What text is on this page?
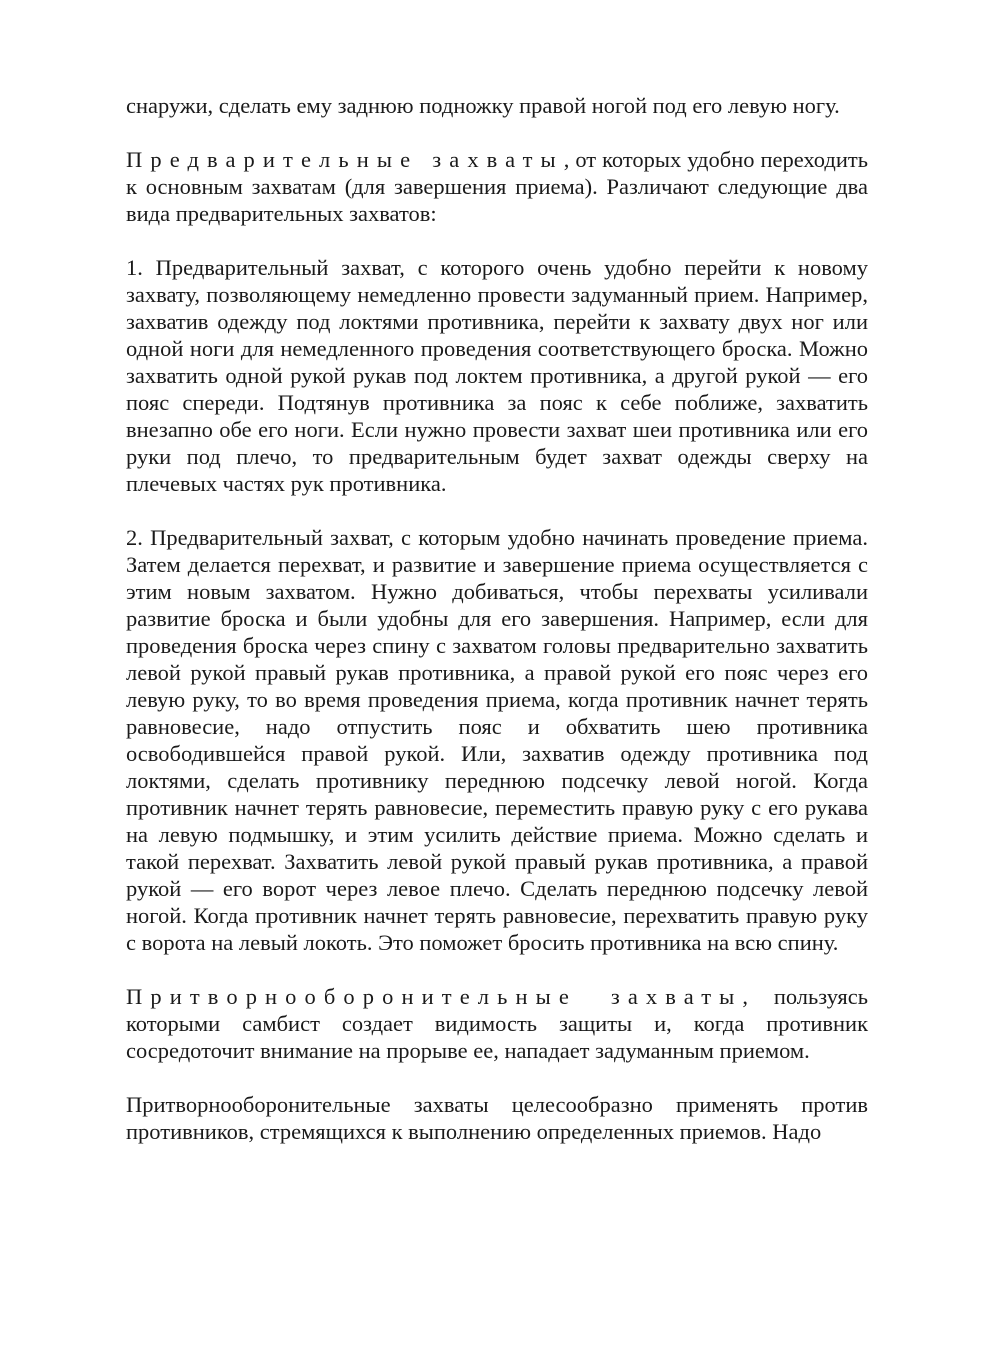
снаружи, сделать ему заднюю подножку правой ногой под его левую ногу.

Предварительные захваты, от которых удобно переходить к основным захватам (для завершения приема). Различают следующие два вида предварительных захватов:

1. Предварительный захват, с которого очень удобно перейти к новому захвату, позволяющему немедленно провести задуманный прием. Например, захватив одежду под локтями противника, перейти к захвату двух ног или одной ноги для немедленного проведения соответствующего броска. Можно захватить одной рукой рукав под локтем противника, а другой рукой — его пояс спереди. Подтянув противника за пояс к себе поближе, захватить внезапно обе его ноги. Если нужно провести захват шеи противника или его руки под плечо, то предварительным будет захват одежды сверху на плечевых частях рук противника.

2. Предварительный захват, с которым удобно начинать проведение приема. Затем делается перехват, и развитие и завершение приема осуществляется с этим новым захватом. Нужно добиваться, чтобы перехваты усиливали развитие броска и были удобны для его завершения. Например, если для проведения броска через спину с захватом головы предварительно захватить левой рукой правый рукав противника, а правой рукой его пояс через его левую руку, то во время проведения приема, когда противник начнет терять равновесие, надо отпустить пояс и обхватить шею противника освободившейся правой рукой. Или, захватив одежду противника под локтями, сделать противнику переднюю подсечку левой ногой. Когда противник начнет терять равновесие, переместить правую руку с его рукава на левую подмышку, и этим усилить действие приема. Можно сделать и такой перехват. Захватить левой рукой правый рукав противника, а правой рукой — его ворот через левое плечо. Сделать переднюю подсечку левой ногой. Когда противник начнет терять равновесие, перехватить правую руку с ворота на левый локоть. Это поможет бросить противника на всю спину.

Притворнооборонительные захваты, пользуясь которыми самбист создает видимость защиты и, когда противник сосредоточит внимание на прорыве ее, нападает задуманным приемом.

Притворнооборонительные захваты целесообразно применять против противников, стремящихся к выполнению определенных приемов. Надо
